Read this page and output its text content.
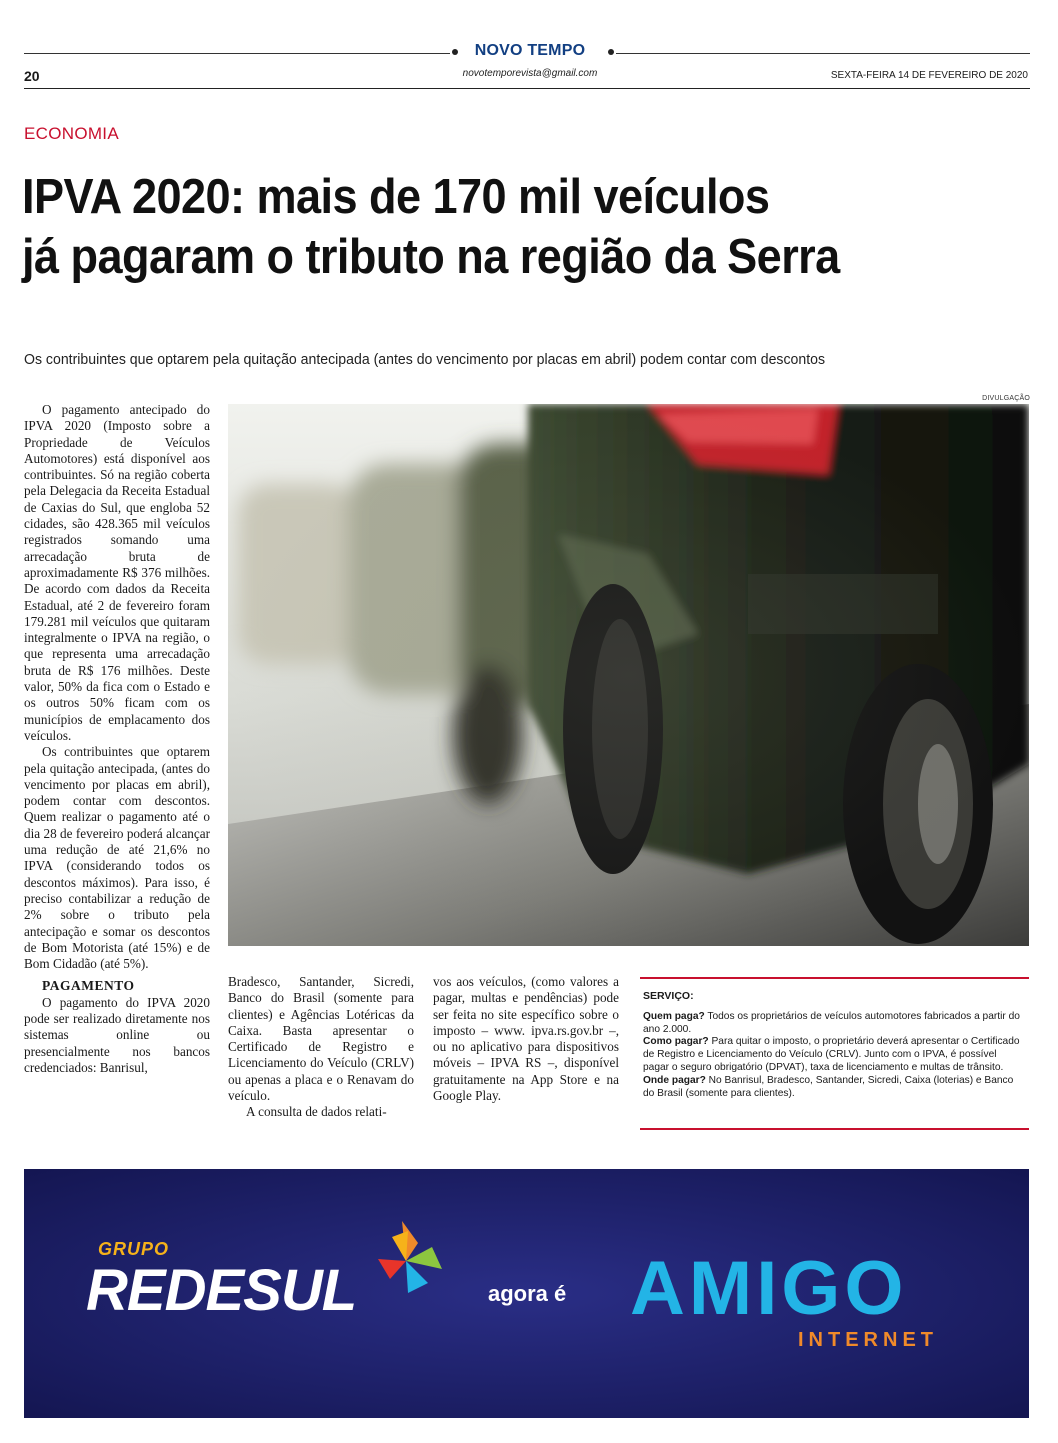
NOVO TEMPO
novotemporevista@gmail.com
20	SEXTA-FEIRA 14 DE FEVEREIRO DE 2020
ECONOMIA
IPVA 2020: mais de 170 mil veículos
já pagaram o tributo na região da Serra
Os contribuintes que optarem pela quitação antecipada (antes do vencimento por placas em abril) podem contar com descontos
DIVULGAÇÃO

O pagamento antecipado do IPVA 2020 (Imposto sobre a Propriedade de Veículos Automotores) está disponível aos contribuintes. Só na região coberta pela Delegacia da Receita Estadual de Caxias do Sul, que engloba 52 cidades, são 428.365 mil veículos registrados somando uma arrecadação bruta de aproximadamente R$ 376 milhões. De acordo com dados da Receita Estadual, até 2 de fevereiro foram 179.281 mil veículos que quitaram integralmente o IPVA na região, o que representa uma arrecadação bruta de R$ 176 milhões. Deste valor, 50% da fica com o Estado e os outros 50% ficam com os municípios de emplacamento dos veículos.

Os contribuintes que optarem pela quitação antecipada, (antes do vencimento por placas em abril), podem contar com descontos. Quem realizar o pagamento até o dia 28 de fevereiro poderá alcançar uma redução de até 21,6% no IPVA (considerando todos os descontos máximos). Para isso, é preciso contabilizar a redução de 2% sobre o tributo pela antecipação e somar os descontos de Bom Motorista (até 15%) e de Bom Cidadão (até 5%).

PAGAMENTO

O pagamento do IPVA 2020 pode ser realizado diretamente nos sistemas online ou presencialmente nos bancos credenciados: Banrisul,

Bradesco, Santander, Sicredi, Banco do Brasil (somente para clientes) e Agências Lotéricas da Caixa. Basta apresentar o Certificado de Registro e Licenciamento do Veículo (CRLV) ou apenas a placa e o Renavam do veículo.

A consulta de dados relati-

vos aos veículos, (como valores a pagar, multas e pendências) pode ser feita no site específico sobre o imposto – www. ipva.rs.gov.br –, ou no aplicativo para dispositivos móveis – IPVA RS –, disponível gratuitamente na App Store e na Google Play.

SERVIÇO:

Quem paga? Todos os proprietários de veículos automotores fabricados a partir do ano 2.000.

Como pagar? Para quitar o imposto, o proprietário deverá apresentar o Certificado de Registro e Licenciamento do Veículo (CRLV). Junto com o IPVA, é possível pagar o seguro obrigatório (DPVAT), taxa de licenciamento e multas de trânsito.

Onde pagar? No Banrisul, Bradesco, Santander, Sicredi, Caixa (loterias) e Banco do Brasil (somente para clientes).

GRUPO
REDESUL	agora é AMIGO
INTERNET
